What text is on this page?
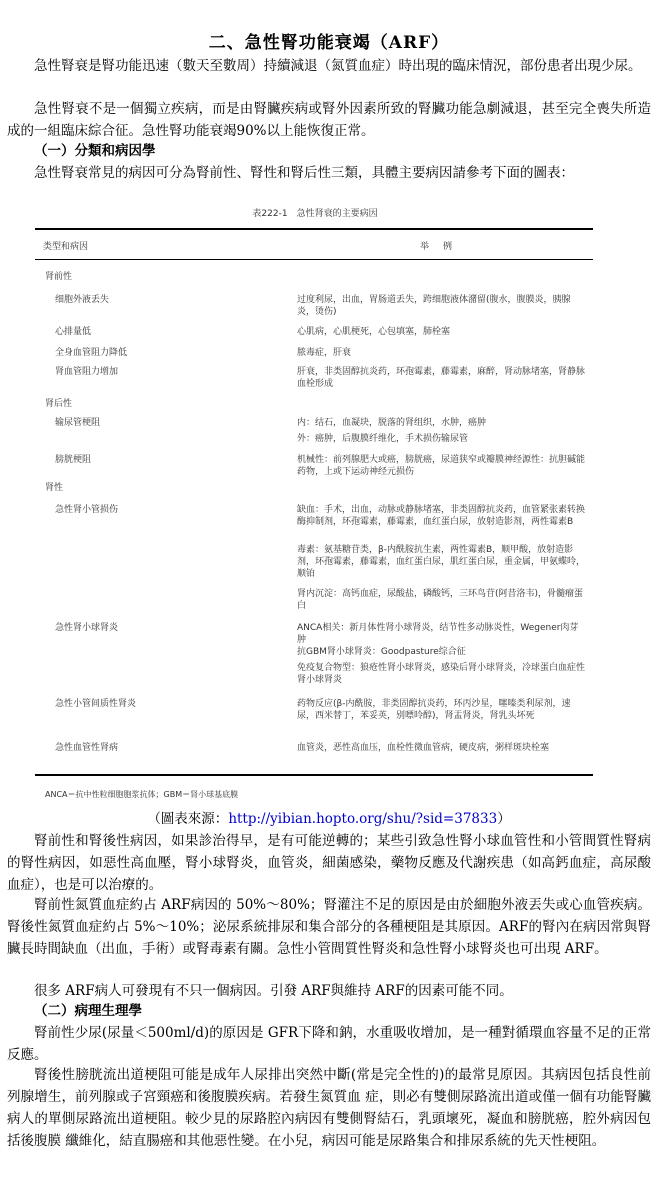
二、急性腎功能衰竭（ARF）

急性腎衰是腎功能迅速（數天至數周）持續減退（氮質血症）時出現的臨床情況，部份患者出現少尿。

急性腎衰不是一個獨立疾病，而是由腎臟疾病或腎外因素所致的腎臟功能急劇減退，甚至完全喪失所造成的一組臨床綜合征。急性腎功能衰竭90%以上能恢復正常。

（一）分類和病因學

急性腎衰常見的病因可分為腎前性、腎性和腎后性三類，具體主要病因請參考下面的圖表：

表222-1　急性肾衰的主要病因
类型和病因	举例
肾前性
细胞外液丢失	过度利尿，出血，胃肠道丢失，跨细胞液体潴留(腹水，腹膜炎，胰腺炎，烫伤)
心排量低	心肌病，心肌梗死，心包填塞，肺栓塞
全身血管阻力降低	脓毒症，肝衰
肾血管阻力增加	肝衰，非类固醇抗炎药，环孢霉素，藤霉素，麻醉，肾动脉堵塞，肾静脉血栓形成
肾后性
输尿管梗阻	内：结石，血凝块，脱落的肾组织，水肿，癌肿
外：癌肿，后腹膜纤维化，手术损伤输尿管
膀胱梗阻	机械性：前列腺肥大或癌，膀胱癌，尿道狭窄或瓣膜神经源性：抗胆碱能药物，上或下运动神经元损伤
肾性
急性肾小管损伤	缺血：手术，出血，动脉或静脉堵塞，非类固醇抗炎药，血管紧张素转换酶抑制剂，环孢霉素，藤霉素，血红蛋白尿，放射造影剂，两性霉素B
毒素：氨基糖苷类，β-内酰胺抗生素，两性霉素B，顺甲酸，放射造影剂，环孢霉素，藤霉素，血红蛋白尿，肌红蛋白尿，重金属，甲氨蝶呤，顺铂
肾内沉淀：高钙血症，尿酸盐，磷酸钙，三环鸟苷(阿昔洛韦)，骨髓瘤蛋白
急性肾小球肾炎	ANCA相关：新月体性肾小球肾炎，结节性多动脉炎性，Wegener肉芽肿
抗GBM肾小球肾炎：Goodpasture综合征
免疫复合物型：狼疮性肾小球肾炎，感染后肾小球肾炎，冷球蛋白血症性肾小球肾炎
急性小管间质性肾炎	药物反应(β-内酰胺，非类固醇抗炎药，环丙沙星，噻嗪类利尿剂，速尿，西米替丁，苯妥英，别嘌呤醇)，肾盂肾炎，肾乳头坏死
急性血管性肾病	血管炎，恶性高血压，血栓性微血管病，硬皮病，粥样斑块栓塞
ANCA＝抗中性粒细胞胞浆抗体；GBM＝肾小球基底膜
（圖表來源：http://yibian.hopto.org/shu/?sid=37833）

腎前性和腎後性病因，如果診治得早，是有可能逆轉的；某些引致急性腎小球血管性和小管間質性腎病的腎性病因，如惡性高血壓，腎小球腎炎，血管炎，細菌感染，藥物反應及代謝疾患（如高鈣血症，高尿酸血症），也是可以治療的。

腎前性氮質血症約占 ARF病因的 50%～80%；腎灌注不足的原因是由於細胞外液丟失或心血管疾病。腎後性氮質血症約占 5%～10%；泌尿系統排尿和集合部分的各種梗阻是其原因。ARF的腎內在病因常與腎臟長時間缺血（出血，手術）或腎毒素有關。急性小管間質性腎炎和急性腎小球腎炎也可出現 ARF。

很多 ARF病人可發現有不只一個病因。引發 ARF與維持 ARF的因素可能不同。

（二）病理生理學

腎前性少尿(尿量＜500ml/d)的原因是 GFR下降和鈉，水重吸收增加，是一種對循環血容量不足的正常反應。

腎後性膀胱流出道梗阻可能是成年人尿排出突然中斷(常是完全性的)的最常見原因。其病因包括良性前列腺增生，前列腺或子宮頸癌和後腹膜疾病。若發生氮質血 症，則必有雙側尿路流出道或僅一個有功能腎臟病人的單側尿路流出道梗阻。較少見的尿路腔內病因有雙側腎結石，乳頭壞死，凝血和膀胱癌，腔外病因包括後腹膜 纖維化，結直腸癌和其他惡性變。在小兒，病因可能是尿路集合和排尿系統的先天性梗阻。
